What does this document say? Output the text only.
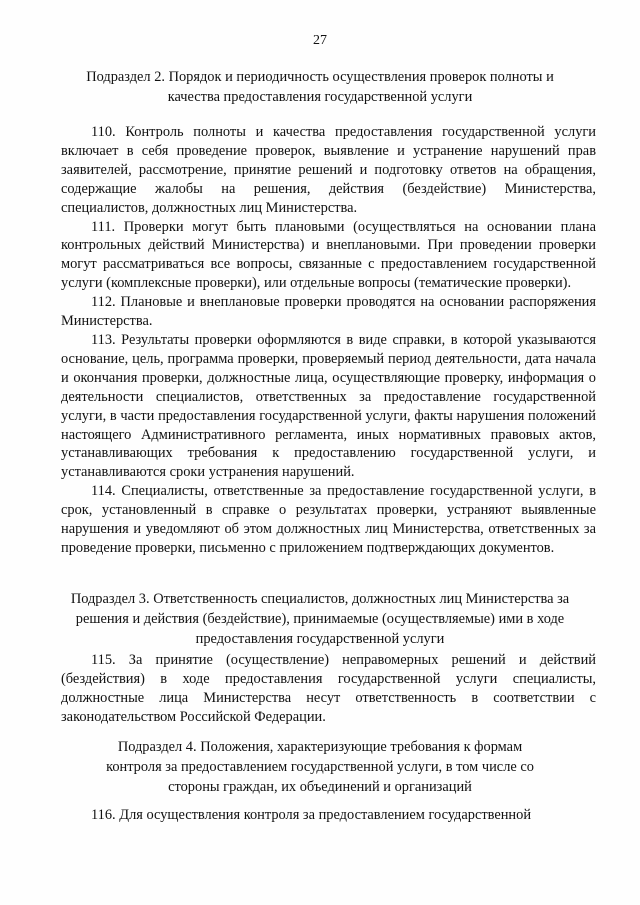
27
Подраздел 2. Порядок и периодичность осуществления проверок полноты и качества предоставления государственной услуги

110. Контроль полноты и качества предоставления государственной услуги включает в себя проведение проверок, выявление и устранение нарушений прав заявителей, рассмотрение, принятие решений и подготовку ответов на обращения, содержащие жалобы на решения, действия (бездействие) Министерства, специалистов, должностных лиц Министерства.

111. Проверки могут быть плановыми (осуществляться на основании плана контрольных действий Министерства) и внеплановыми. При проведении проверки могут рассматриваться все вопросы, связанные с предоставлением государственной услуги (комплексные проверки), или отдельные вопросы (тематические проверки).

112. Плановые и внеплановые проверки проводятся на основании распоряжения Министерства.

113. Результаты проверки оформляются в виде справки, в которой указываются основание, цель, программа проверки, проверяемый период деятельности, дата начала и окончания проверки, должностные лица, осуществляющие проверку, информация о деятельности специалистов, ответственных за предоставление государственной услуги, в части предоставления государственной услуги, факты нарушения положений настоящего Административного регламента, иных нормативных правовых актов, устанавливающих требования к предоставлению государственной услуги, и устанавливаются сроки устранения нарушений.

114. Специалисты, ответственные за предоставление государственной услуги, в срок, установленный в справке о результатах проверки, устраняют выявленные нарушения и уведомляют об этом должностных лиц Министерства, ответственных за проведение проверки, письменно с приложением подтверждающих документов.

Подраздел 3. Ответственность специалистов, должностных лиц Министерства за решения и действия (бездействие), принимаемые (осуществляемые) ими в ходе предоставления государственной услуги

115. За принятие (осуществление) неправомерных решений и действий (бездействия) в ходе предоставления государственной услуги специалисты, должностные лица Министерства несут ответственность в соответствии с законодательством Российской Федерации.

Подраздел 4. Положения, характеризующие требования к формам контроля за предоставлением государственной услуги, в том числе со стороны граждан, их объединений и организаций

116. Для осуществления контроля за предоставлением государственной
